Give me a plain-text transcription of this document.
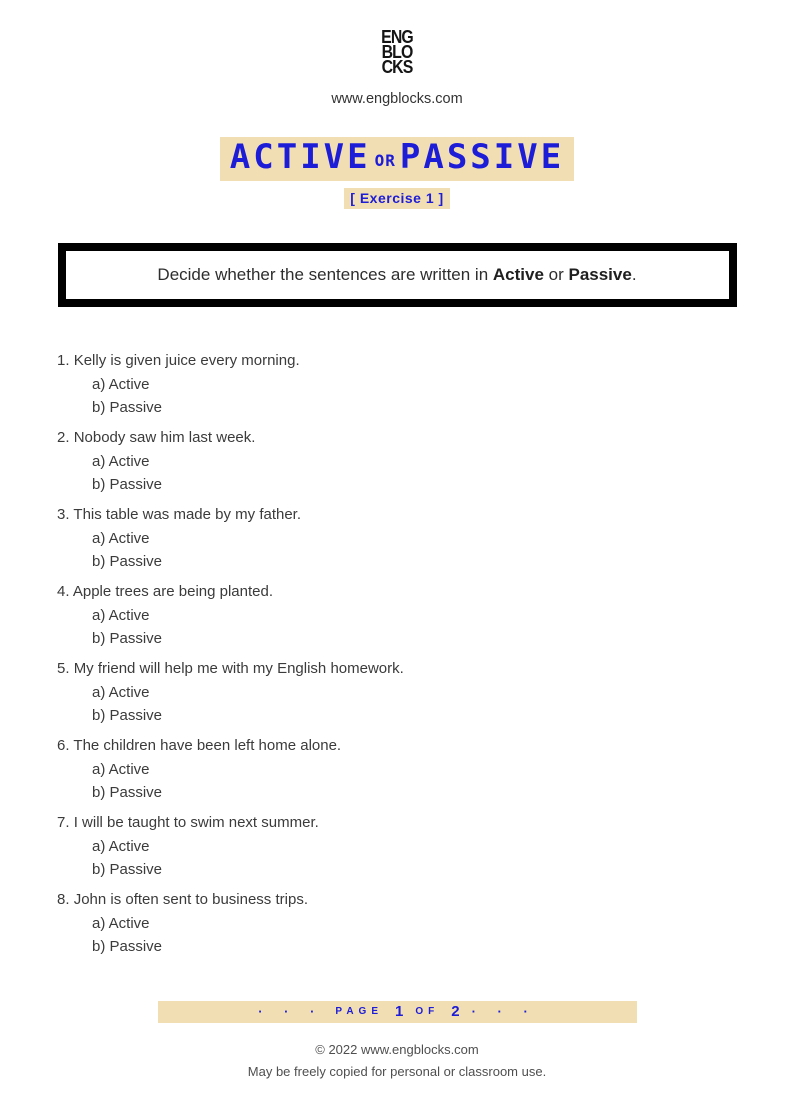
ENG
BLO
CKS
www.engblocks.com
ACTIVE OR PASSIVE
[ Exercise 1 ]
Decide whether the sentences are written in Active or Passive.
1. Kelly is given juice every morning.
a) Active
b) Passive
2. Nobody saw him last week.
a) Active
b) Passive
3. This table was made by my father.
a) Active
b) Passive
4. Apple trees are being planted.
a) Active
b) Passive
5. My friend will help me with my English homework.
a) Active
b) Passive
6. The children have been left home alone.
a) Active
b) Passive
7. I will be taught to swim next summer.
a) Active
b) Passive
8. John is often sent to business trips.
a) Active
b) Passive
· · · PAGE 1 OF 2 · · ·
© 2022 www.engblocks.com
May be freely copied for personal or classroom use.
